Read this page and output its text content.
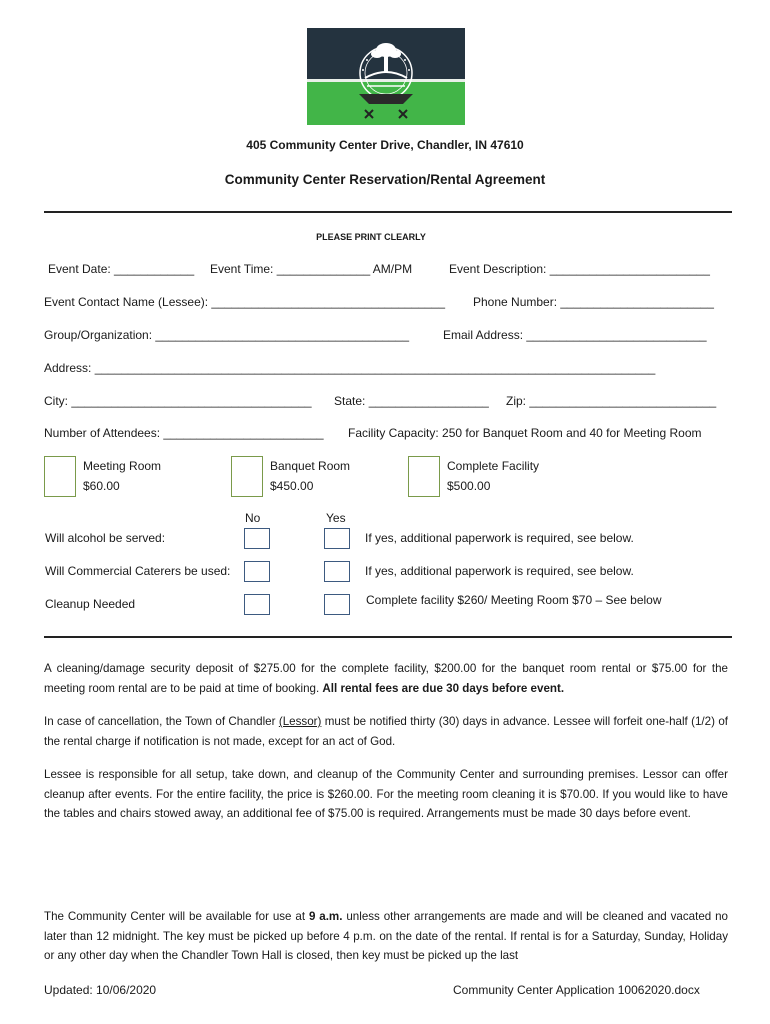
405 Community Center Drive, Chandler, IN 47610
Community Center Reservation/Rental Agreement
PLEASE PRINT CLEARLY
Event Date: ____________ Event Time: ______________ AM/PM	Event Description: ________________________
Event Contact Name (Lessee): ___________________________________ Phone Number: _______________________
Group/Organization: ______________________________________	Email Address: ___________________________
Address: ____________________________________________________________________________________
City: ____________________________________ State: __________________ Zip: ____________________________
Number of Attendees: ________________________ Facility Capacity: 250 for Banquet Room and 40 for Meeting Room
Meeting Room
$60.00
Banquet Room
$450.00
Complete Facility
$500.00
No	Yes
Will alcohol be served:	If yes, additional paperwork is required, see below.
Will Commercial Caterers be used:	If yes, additional paperwork is required, see below.
Cleanup Needed	Complete facility $260/ Meeting Room $70 – See below
A cleaning/damage security deposit of $275.00 for the complete facility, $200.00 for the banquet room rental or $75.00 for the meeting room rental are to be paid at time of booking. All rental fees are due 30 days before event.
In case of cancellation, the Town of Chandler (Lessor) must be notified thirty (30) days in advance. Lessee will forfeit one-half (1/2) of the rental charge if notification is not made, except for an act of God.
Lessee is responsible for all setup, take down, and cleanup of the Community Center and surrounding premises. Lessor can offer cleanup after events. For the entire facility, the price is $260.00. For the meeting room cleaning it is $70.00. If you would like to have the tables and chairs stowed away, an additional fee of $75.00 is required. Arrangements must be made 30 days before event.
The Community Center will be available for use at 9 a.m. unless other arrangements are made and will be cleaned and vacated no later than 12 midnight. The key must be picked up before 4 p.m. on the date of the rental. If rental is for a Saturday, Sunday, Holiday or any other day when the Chandler Town Hall is closed, then key must be picked up the last
Updated: 10/06/2020	Community Center Application 10062020.docx
